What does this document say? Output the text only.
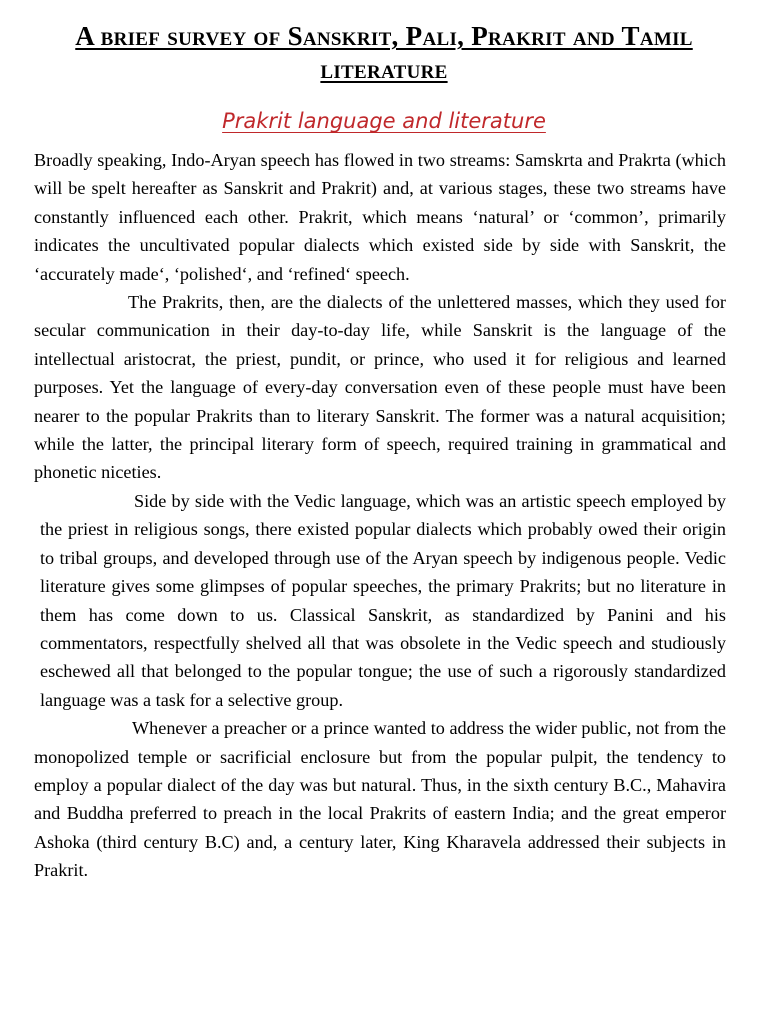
A brief survey of Sanskrit, Pali, Prakrit and Tamil literature
Prakrit language and literature

Broadly speaking, Indo-Aryan speech has flowed in two streams: Samskrta and Prakrta (which will be spelt hereafter as Sanskrit and Prakrit) and, at various stages, these two streams have constantly influenced each other. Prakrit, which means ‘natural’ or ‘common’, primarily indicates the uncultivated popular dialects which existed side by side with Sanskrit, the ‘accurately made‘, ‘polished‘, and ‘refined‘ speech.

The Prakrits, then, are the dialects of the unlettered masses, which they used for secular communication in their day-to-day life, while Sanskrit is the language of the intellectual aristocrat, the priest, pundit, or prince, who used it for religious and learned purposes. Yet the language of every-day conversation even of these people must have been nearer to the popular Prakrits than to literary Sanskrit. The former was a natural acquisition; while the latter, the principal literary form of speech, required training in grammatical and phonetic niceties.

Side by side with the Vedic language, which was an artistic speech employed by the priest in religious songs, there existed popular dialects which probably owed their origin to tribal groups, and developed through use of the Aryan speech by indigenous people. Vedic literature gives some glimpses of popular speeches, the primary Prakrits; but no literature in them has come down to us. Classical Sanskrit, as standardized by Panini and his commentators, respectfully shelved all that was obsolete in the Vedic speech and studiously eschewed all that belonged to the popular tongue; the use of such a rigorously standardized language was a task for a selective group.

Whenever a preacher or a prince wanted to address the wider public, not from the monopolized temple or sacrificial enclosure but from the popular pulpit, the tendency to employ a popular dialect of the day was but natural. Thus, in the sixth century B.C., Mahavira and Buddha preferred to preach in the local Prakrits of eastern India; and the great emperor Ashoka (third century B.C) and, a century later, King Kharavela addressed their subjects in Prakrit.
